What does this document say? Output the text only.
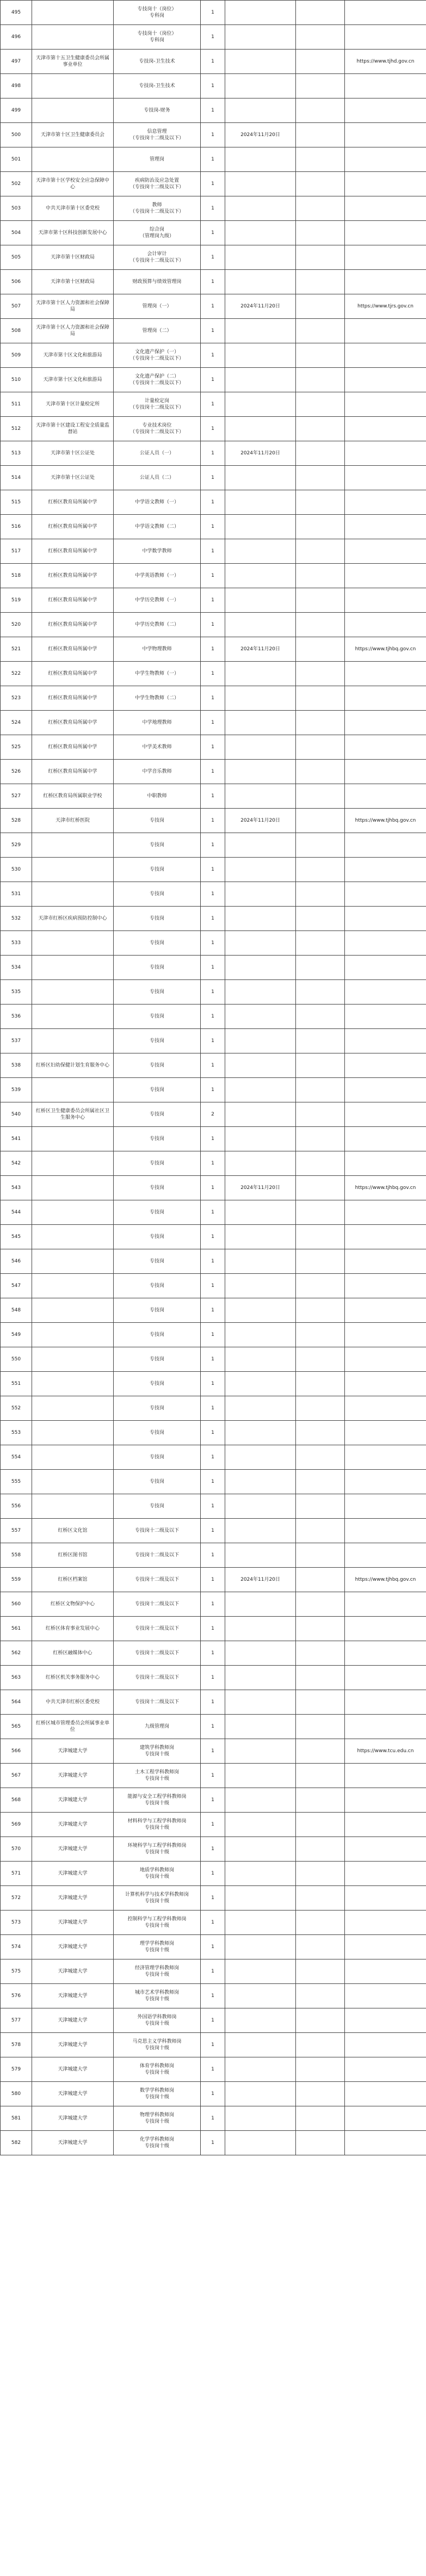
495		专技岗十（岗位）
专科岗	1			
496		专技岗十（岗位）
专科岗	1			
497	天津市第十五卫生健康委员会所属事业单位	专技岗-卫生技术	1			https://www.tjhd.gov.cn
498		专技岗-卫生技术	1			
499		专技岗-财务	1			
500	天津市第十区卫生健康委员会	信息管理
（专技岗十二级及以下）	1	2024年11月20日		
501		管理岗	1			
502	天津市第十区学校安全应急保障中心	疾病防治及应急处置
（专技岗十二级及以下）	1			
503	中共天津市第十区委党校	教师
（专技岗十二级及以下）	1			
504	天津市第十区科技创新发展中心	综合岗
（管理岗九级）	1			
505	天津市第十区财政局	会计审计
（专技岗十二级及以下）	1			
506	天津市第十区财政局	财政预算与绩效管理岗	1			
507	天津市第十区人力资源和社会保障局	管理岗（一）	1	2024年11月20日		https://www.tjrs.gov.cn
508	天津市第十区人力资源和社会保障局	管理岗（二）	1			
509	天津市第十区文化和旅游局	文化遗产保护（一）
（专技岗十二级及以下）	1			
510	天津市第十区文化和旅游局	文化遗产保护（二）
（专技岗十二级及以下）	1			
511	天津市第十区计量检定所	计量检定岗
（专技岗十二级及以下）	1			
512	天津市第十区建设工程安全质量监督站	专业技术岗位
（专技岗十二级及以下）	1			
513	天津市第十区公证处	公证人员（一）	1	2024年11月20日		
514	天津市第十区公证处	公证人员（二）	1			
515	红桥区教育局所属中学	中学语文教师（一）	1			
516	红桥区教育局所属中学	中学语文教师（二）	1			
517	红桥区教育局所属中学	中学数学教师	1			
518	红桥区教育局所属中学	中学英语教师（一）	1			
519	红桥区教育局所属中学	中学历史教师（一）	1			
520	红桥区教育局所属中学	中学历史教师（二）	1			
521	红桥区教育局所属中学	中学物理教师	1	2024年11月20日		https://www.tjhbq.gov.cn
522	红桥区教育局所属中学	中学生物教师（一）	1			
523	红桥区教育局所属中学	中学生物教师（二）	1			
524	红桥区教育局所属中学	中学地理教师	1			
525	红桥区教育局所属中学	中学美术教师	1			
526	红桥区教育局所属中学	中学音乐教师	1			
527	红桥区教育局所属职业学校	中职教师	1			
528	天津市红桥医院	专技岗	1	2024年11月20日		https://www.tjhbq.gov.cn
529		专技岗	1			
530		专技岗	1			
531		专技岗	1			
532	天津市红桥区疾病预防控制中心	专技岗	1			
533		专技岗	1			
534		专技岗	1			
535		专技岗	1			
536		专技岗	1			
537		专技岗	1			
538	红桥区妇幼保健计划生育服务中心	专技岗	1			
539		专技岗	1			
540	红桥区卫生健康委员会所属社区卫生服务中心	专技岗	2			
541		专技岗	1			
542		专技岗	1			
543		专技岗	1	2024年11月20日		https://www.tjhbq.gov.cn
544		专技岗	1			
545		专技岗	1			
546		专技岗	1			
547		专技岗	1			
548		专技岗	1			
549		专技岗	1			
550		专技岗	1			
551		专技岗	1			
552		专技岗	1			
553		专技岗	1			
554		专技岗	1			
555		专技岗	1			
556		专技岗	1			
557	红桥区文化馆	专技岗十二级及以下	1			
558	红桥区图书馆	专技岗十二级及以下	1			
559	红桥区档案馆	专技岗十二级及以下	1	2024年11月20日		https://www.tjhbq.gov.cn
560	红桥区文物保护中心	专技岗十二级及以下	1			
561	红桥区体育事业发展中心	专技岗十二级及以下	1			
562	红桥区融媒体中心	专技岗十二级及以下	1			
563	红桥区机关事务服务中心	专技岗十二级及以下	1			
564	中共天津市红桥区委党校	专技岗十二级及以下	1			
565	红桥区城市管理委员会所属事业单位	九级管理岗	1			
566	天津城建大学	建筑学科教师岗
专技岗十级	1			https://www.tcu.edu.cn
567	天津城建大学	土木工程学科教师岗
专技岗十级	1			
568	天津城建大学	能源与安全工程学科教师岗
专技岗十级	1			
569	天津城建大学	材料科学与工程学科教师岗
专技岗十级	1			
570	天津城建大学	环境科学与工程学科教师岗
专技岗十级	1			
571	天津城建大学	地质学科教师岗
专技岗十级	1			
572	天津城建大学	计算机科学与技术学科教师岗
专技岗十级	1			
573	天津城建大学	控制科学与工程学科教师岗
专技岗十级	1			
574	天津城建大学	理学学科教师岗
专技岗十级	1			
575	天津城建大学	经济管理学科教师岗
专技岗十级	1			
576	天津城建大学	城市艺术学科教师岗
专技岗十级	1			
577	天津城建大学	外国语学科教师岗
专技岗十级	1			
578	天津城建大学	马克思主义学科教师岗
专技岗十级	1			
579	天津城建大学	体育学科教师岗
专技岗十级	1			
580	天津城建大学	数学学科教师岗
专技岗十级	1			
581	天津城建大学	物理学科教师岗
专技岗十级	1			
582	天津城建大学	化学学科教师岗
专技岗十级	1			
